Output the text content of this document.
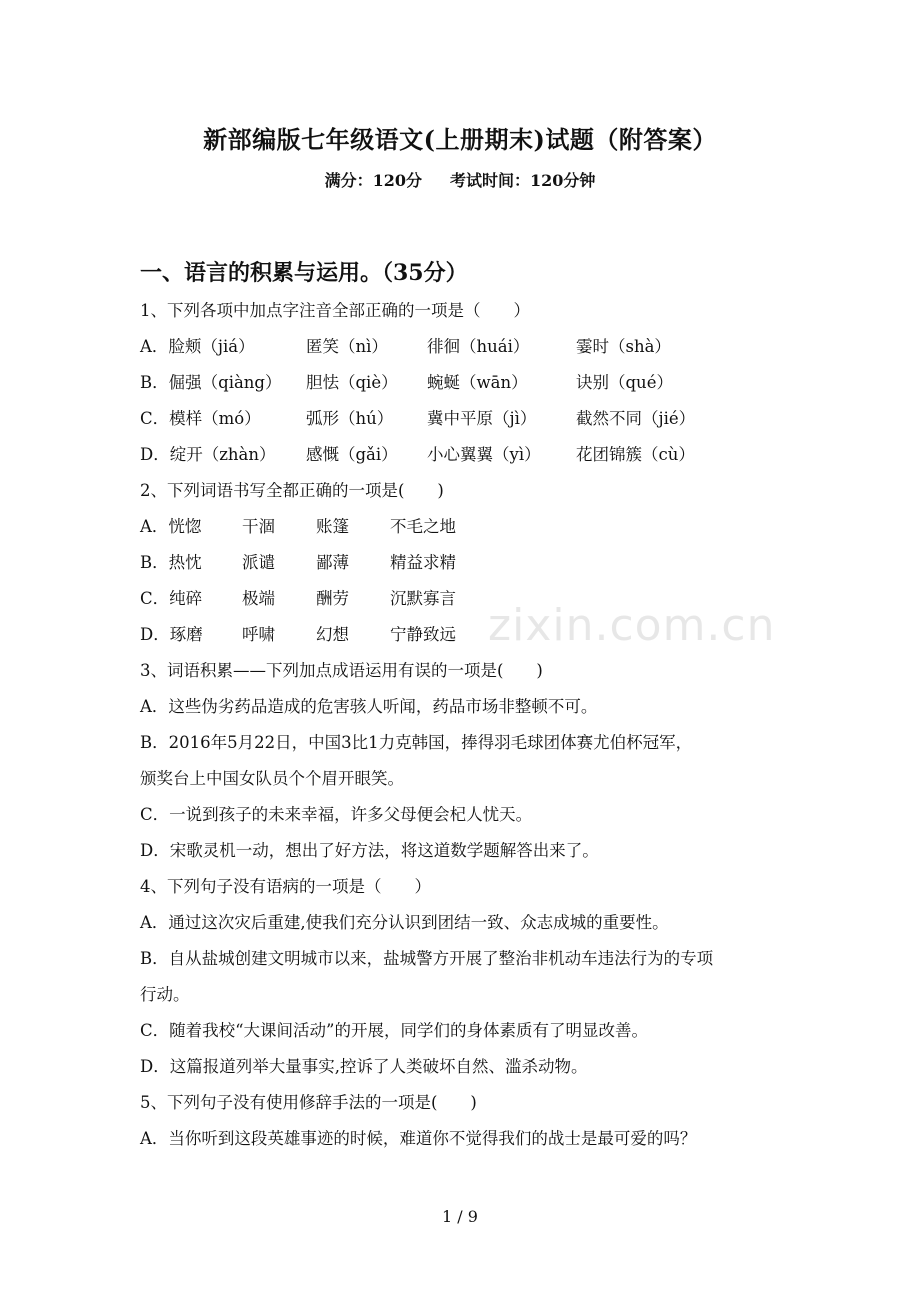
新部编版七年级语文(上册期末)试题（附答案）
满分：120分 考试时间：120分钟
一、语言的积累与运用。（35分）
1、下列各项中加点字注音全部正确的一项是（　　）
A．脸颊（jiá）	匿笑（nì） 徘徊（huái）	霎时（shà）
B．倔强（qiàng） 胆怯（qiè） 蜿蜒（wān）	诀别（qué）
C．模样（mó）	弧形（hú） 冀中平原（jì） 截然不同（jié）
D．绽开（zhàn） 感慨（gǎi） 小心翼翼（yì） 花团锦簇（cù）
2、下列词语书写全都正确的一项是(　　)
A．恍惚 干涸 账篷 不毛之地
B．热忱 派谴 鄙薄 精益求精
C．纯碎 极端 酬劳 沉默寡言
D．琢磨 呼啸 幻想 宁静致远
3、词语积累——下列加点成语运用有误的一项是(　　)
A．这些伪劣药品造成的危害骇人听闻，药品市场非整顿不可。
B．2016年5月22日，中国3比1力克韩国，捧得羽毛球团体赛尤伯杯冠军，
颁奖台上中国女队员个个眉开眼笑。
C．一说到孩子的未来幸福，许多父母便会杞人忧天。
D．宋歌灵机一动，想出了好方法，将这道数学题解答出来了。
4、下列句子没有语病的一项是（　　）
A．通过这次灾后重建,使我们充分认识到团结一致、众志成城的重要性。
B．自从盐城创建文明城市以来，盐城警方开展了整治非机动车违法行为的专项
行动。
C．随着我校“大课间活动”的开展，同学们的身体素质有了明显改善。
D．这篇报道列举大量事实,控诉了人类破坏自然、滥杀动物。
5、下列句子没有使用修辞手法的一项是(　　)
A．当你听到这段英雄事迹的时候，难道你不觉得我们的战士是最可爱的吗？
zixin.com.cn
1 / 9
